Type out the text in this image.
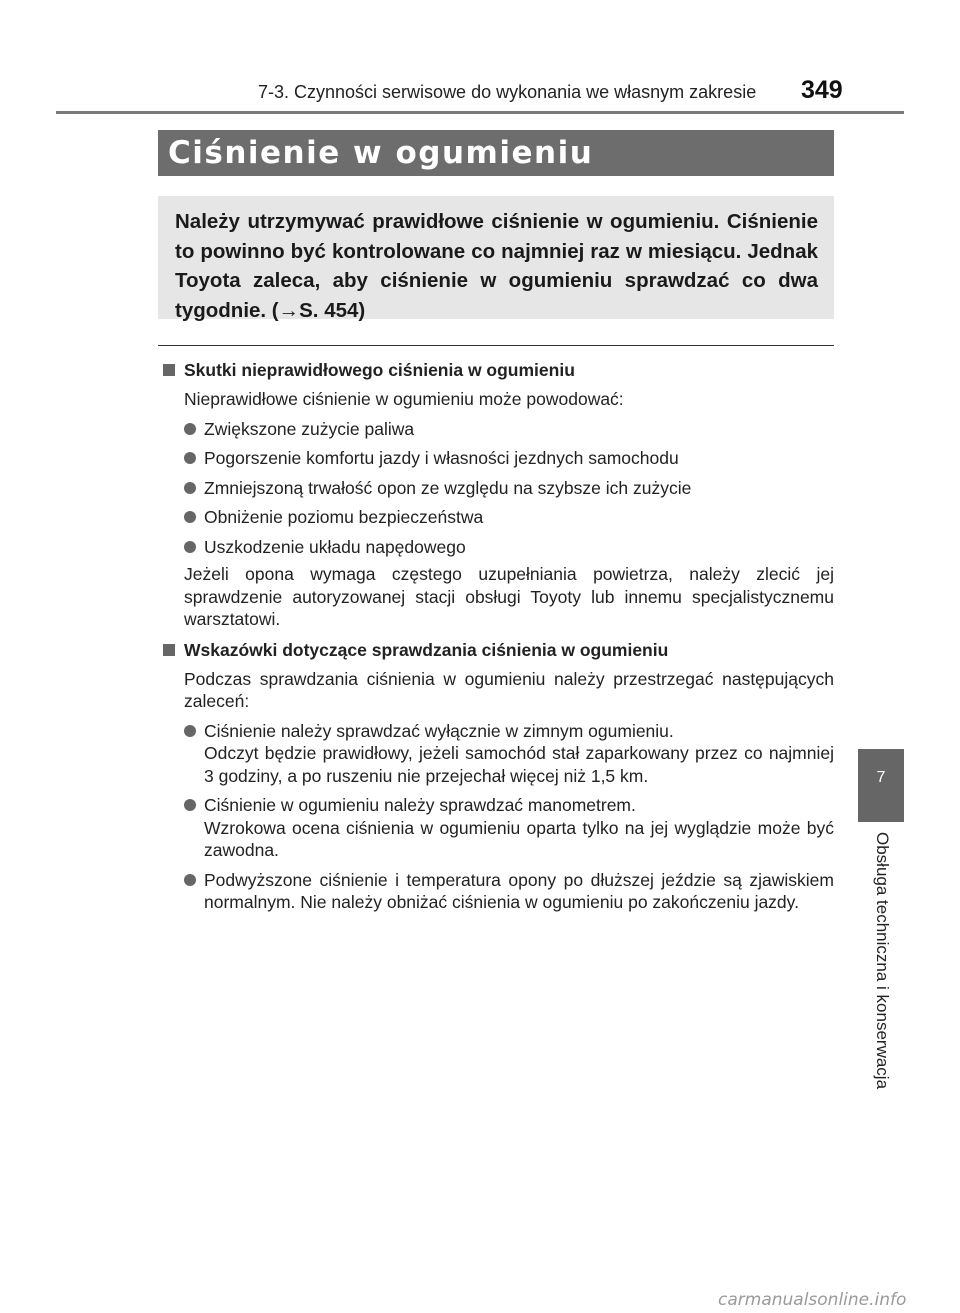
7-3. Czynności serwisowe do wykonania we własnym zakresie 349
Ciśnienie w ogumieniu
Należy utrzymywać prawidłowe ciśnienie w ogumieniu. Ciśnienie to powinno być kontrolowane co najmniej raz w miesiącu. Jednak Toyota zaleca, aby ciśnienie w ogumieniu sprawdzać co dwa tygodnie. (→S. 454)
Skutki nieprawidłowego ciśnienia w ogumieniu
Nieprawidłowe ciśnienie w ogumieniu może powodować:
Zwiększone zużycie paliwa
Pogorszenie komfortu jazdy i własności jezdnych samochodu
Zmniejszoną trwałość opon ze względu na szybsze ich zużycie
Obniżenie poziomu bezpieczeństwa
Uszkodzenie układu napędowego
Jeżeli opona wymaga częstego uzupełniania powietrza, należy zlecić jej sprawdzenie autoryzowanej stacji obsługi Toyoty lub innemu specjalistycznemu warsztatowi.
Wskazówki dotyczące sprawdzania ciśnienia w ogumieniu
Podczas sprawdzania ciśnienia w ogumieniu należy przestrzegać następujących zaleceń:
Ciśnienie należy sprawdzać wyłącznie w zimnym ogumieniu.
Odczyt będzie prawidłowy, jeżeli samochód stał zaparkowany przez co najmniej 3 godziny, a po ruszeniu nie przejechał więcej niż 1,5 km.
Ciśnienie w ogumieniu należy sprawdzać manometrem.
Wzrokowa ocena ciśnienia w ogumieniu oparta tylko na jej wyglądzie może być zawodna.
Podwyższone ciśnienie i temperatura opony po dłuższej jeździe są zjawiskiem normalnym. Nie należy obniżać ciśnienia w ogumieniu po zakończeniu jazdy.
7
Obsługa techniczna i konserwacja
carmanualsonline.info
